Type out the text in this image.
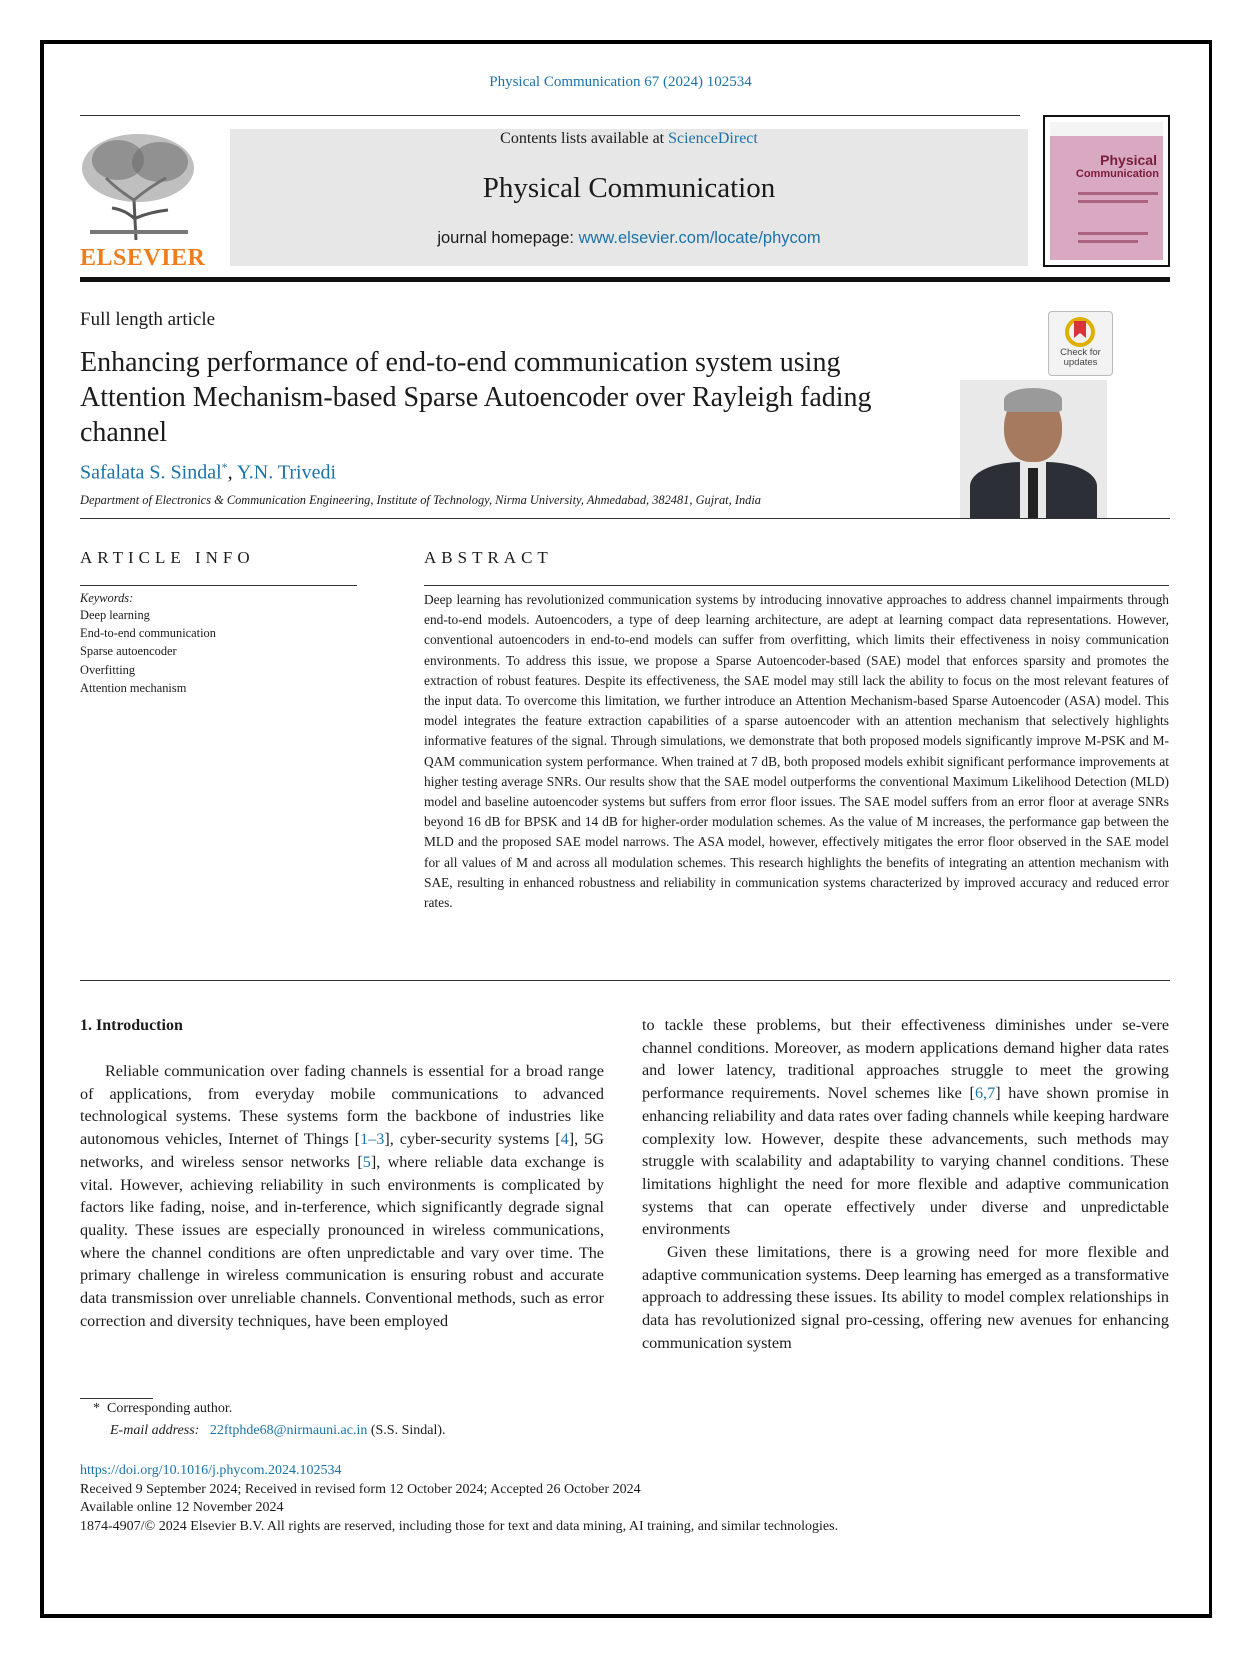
Physical Communication 67 (2024) 102534
ELSEVIER
Contents lists available at ScienceDirect
Physical Communication
journal homepage: www.elsevier.com/locate/phycom
Physical
Communication
Full length article
Enhancing performance of end-to-end communication system using Attention Mechanism-based Sparse Autoencoder over Rayleigh fading channel
Check for updates
Safalata S. Sindal*, Y.N. Trivedi
Department of Electronics & Communication Engineering, Institute of Technology, Nirma University, Ahmedabad, 382481, Gujrat, India
ARTICLE INFO
Keywords:
Deep learning
End-to-end communication
Sparse autoencoder
Overfitting
Attention mechanism
ABSTRACT
Deep learning has revolutionized communication systems by introducing innovative approaches to address channel impairments through end-to-end models. Autoencoders, a type of deep learning architecture, are adept at learning compact data representations. However, conventional autoencoders in end-to-end models can suffer from overfitting, which limits their effectiveness in noisy communication environments. To address this issue, we propose a Sparse Autoencoder-based (SAE) model that enforces sparsity and promotes the extraction of robust features. Despite its effectiveness, the SAE model may still lack the ability to focus on the most relevant features of the input data. To overcome this limitation, we further introduce an Attention Mechanism-based Sparse Autoencoder (ASA) model. This model integrates the feature extraction capabilities of a sparse autoencoder with an attention mechanism that selectively highlights informative features of the signal. Through simulations, we demonstrate that both proposed models significantly improve M-PSK and M-QAM communication system performance. When trained at 7 dB, both proposed models exhibit significant performance improvements at higher testing average SNRs. Our results show that the SAE model outperforms the conventional Maximum Likelihood Detection (MLD) model and baseline autoencoder systems but suffers from error floor issues. The SAE model suffers from an error floor at average SNRs beyond 16 dB for BPSK and 14 dB for higher-order modulation schemes. As the value of M increases, the performance gap between the MLD and the proposed SAE model narrows. The ASA model, however, effectively mitigates the error floor observed in the SAE model for all values of M and across all modulation schemes. This research highlights the benefits of integrating an attention mechanism with SAE, resulting in enhanced robustness and reliability in communication systems characterized by improved accuracy and reduced error rates.
1. Introduction

Reliable communication over fading channels is essential for a broad range of applications, from everyday mobile communications to advanced technological systems. These systems form the backbone of industries like autonomous vehicles, Internet of Things [1–3], cyber-security systems [4], 5G networks, and wireless sensor networks [5], where reliable data exchange is vital. However, achieving reliability in such environments is complicated by factors like fading, noise, and in-terference, which significantly degrade signal quality. These issues are especially pronounced in wireless communications, where the channel conditions are often unpredictable and vary over time. The primary challenge in wireless communication is ensuring robust and accurate data transmission over unreliable channels. Conventional methods, such as error correction and diversity techniques, have been employed

to tackle these problems, but their effectiveness diminishes under se-vere channel conditions. Moreover, as modern applications demand higher data rates and lower latency, traditional approaches struggle to meet the growing performance requirements. Novel schemes like [6,7] have shown promise in enhancing reliability and data rates over fading channels while keeping hardware complexity low. However, despite these advancements, such methods may struggle with scalability and adaptability to varying channel conditions. These limitations highlight the need for more flexible and adaptive communication systems that can operate effectively under diverse and unpredictable environments

Given these limitations, there is a growing need for more flexible and adaptive communication systems. Deep learning has emerged as a transformative approach to addressing these issues. Its ability to model complex relationships in data has revolutionized signal pro-cessing, offering new avenues for enhancing communication system

* Corresponding author.
E-mail address: 22ftphde68@nirmauni.ac.in (S.S. Sindal).
https://doi.org/10.1016/j.phycom.2024.102534
Received 9 September 2024; Received in revised form 12 October 2024; Accepted 26 October 2024
Available online 12 November 2024
1874-4907/© 2024 Elsevier B.V. All rights are reserved, including those for text and data mining, AI training, and similar technologies.
